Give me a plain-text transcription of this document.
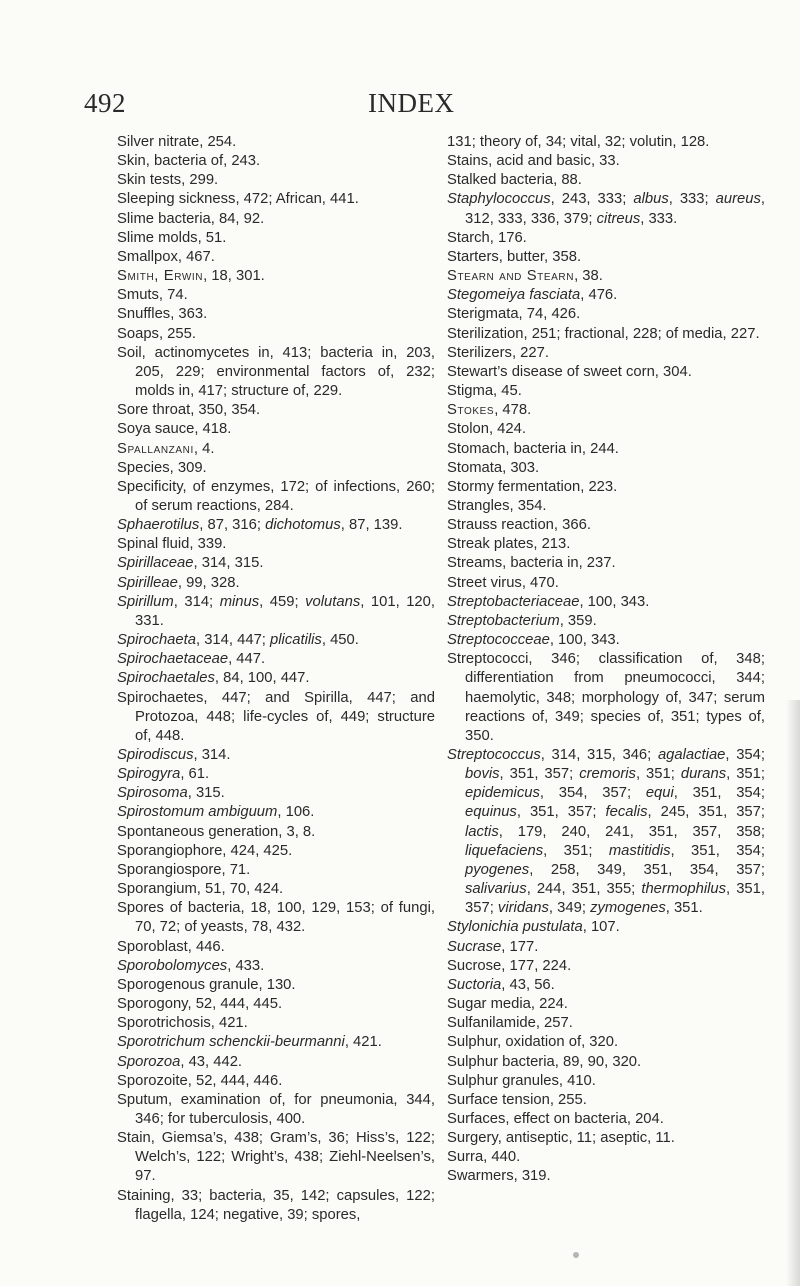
492	INDEX
Silver nitrate, 254.
Skin, bacteria of, 243.
Skin tests, 299.
Sleeping sickness, 472; African, 441.
Slime bacteria, 84, 92.
Slime molds, 51.
Smallpox, 467.
Smith, Erwin, 18, 301.
Smuts, 74.
Snuffles, 363.
Soaps, 255.
Soil, actinomycetes in, 413; bacteria in, 203, 205, 229; environmental factors of, 232; molds in, 417; structure of, 229.
Sore throat, 350, 354.
Soya sauce, 418.
Spallanzani, 4.
Species, 309.
Specificity, of enzymes, 172; of infections, 260; of serum reactions, 284.
Sphaerotilus, 87, 316; dichotomus, 87, 139.
Spinal fluid, 339.
Spirillaceae, 314, 315.
Spirilleae, 99, 328.
Spirillum, 314; minus, 459; volutans, 101, 120, 331.
Spirochaeta, 314, 447; plicatilis, 450.
Spirochaetaceae, 447.
Spirochaetales, 84, 100, 447.
Spirochaetes, 447; and Spirilla, 447; and Protozoa, 448; life-cycles of, 449; structure of, 448.
Spirodiscus, 314.
Spirogyra, 61.
Spirosoma, 315.
Spirostomum ambiguum, 106.
Spontaneous generation, 3, 8.
Sporangiophore, 424, 425.
Sporangiospore, 71.
Sporangium, 51, 70, 424.
Spores of bacteria, 18, 100, 129, 153; of fungi, 70, 72; of yeasts, 78, 432.
Sporoblast, 446.
Sporobolomyces, 433.
Sporogenous granule, 130.
Sporogony, 52, 444, 445.
Sporotrichosis, 421.
Sporotrichum schenckii-beurmanni, 421.
Sporozoa, 43, 442.
Sporozoite, 52, 444, 446.
Sputum, examination of, for pneumonia, 344, 346; for tuberculosis, 400.
Stain, Giemsa’s, 438; Gram’s, 36; Hiss’s, 122; Welch’s, 122; Wright’s, 438; Ziehl-Neelsen’s, 97.
Staining, 33; bacteria, 35, 142; capsules, 122; flagella, 124; negative, 39; spores,
131; theory of, 34; vital, 32; volutin, 128.
Stains, acid and basic, 33.
Stalked bacteria, 88.
Staphylococcus, 243, 333; albus, 333; aureus, 312, 333, 336, 379; citreus, 333.
Starch, 176.
Starters, butter, 358.
Stearn and Stearn, 38.
Stegomeiya fasciata, 476.
Sterigmata, 74, 426.
Sterilization, 251; fractional, 228; of media, 227.
Sterilizers, 227.
Stewart’s disease of sweet corn, 304.
Stigma, 45.
Stokes, 478.
Stolon, 424.
Stomach, bacteria in, 244.
Stomata, 303.
Stormy fermentation, 223.
Strangles, 354.
Strauss reaction, 366.
Streak plates, 213.
Streams, bacteria in, 237.
Street virus, 470.
Streptobacteriaceae, 100, 343.
Streptobacterium, 359.
Streptococceae, 100, 343.
Streptococci, 346; classification of, 348; differentiation from pneumococci, 344; haemolytic, 348; morphology of, 347; serum reactions of, 349; species of, 351; types of, 350.
Streptococcus, 314, 315, 346; agalactiae, 354; bovis, 351, 357; cremoris, 351; durans, 351; epidemicus, 354, 357; equi, 351, 354; equinus, 351, 357; fecalis, 245, 351, 357; lactis, 179, 240, 241, 351, 357, 358; liquefaciens, 351; mastitidis, 351, 354; pyogenes, 258, 349, 351, 354, 357; salivarius, 244, 351, 355; thermophilus, 351, 357; viridans, 349; zymogenes, 351.
Stylonichia pustulata, 107.
Sucrase, 177.
Sucrose, 177, 224.
Suctoria, 43, 56.
Sugar media, 224.
Sulfanilamide, 257.
Sulphur, oxidation of, 320.
Sulphur bacteria, 89, 90, 320.
Sulphur granules, 410.
Surface tension, 255.
Surfaces, effect on bacteria, 204.
Surgery, antiseptic, 11; aseptic, 11.
Surra, 440.
Swarmers, 319.
